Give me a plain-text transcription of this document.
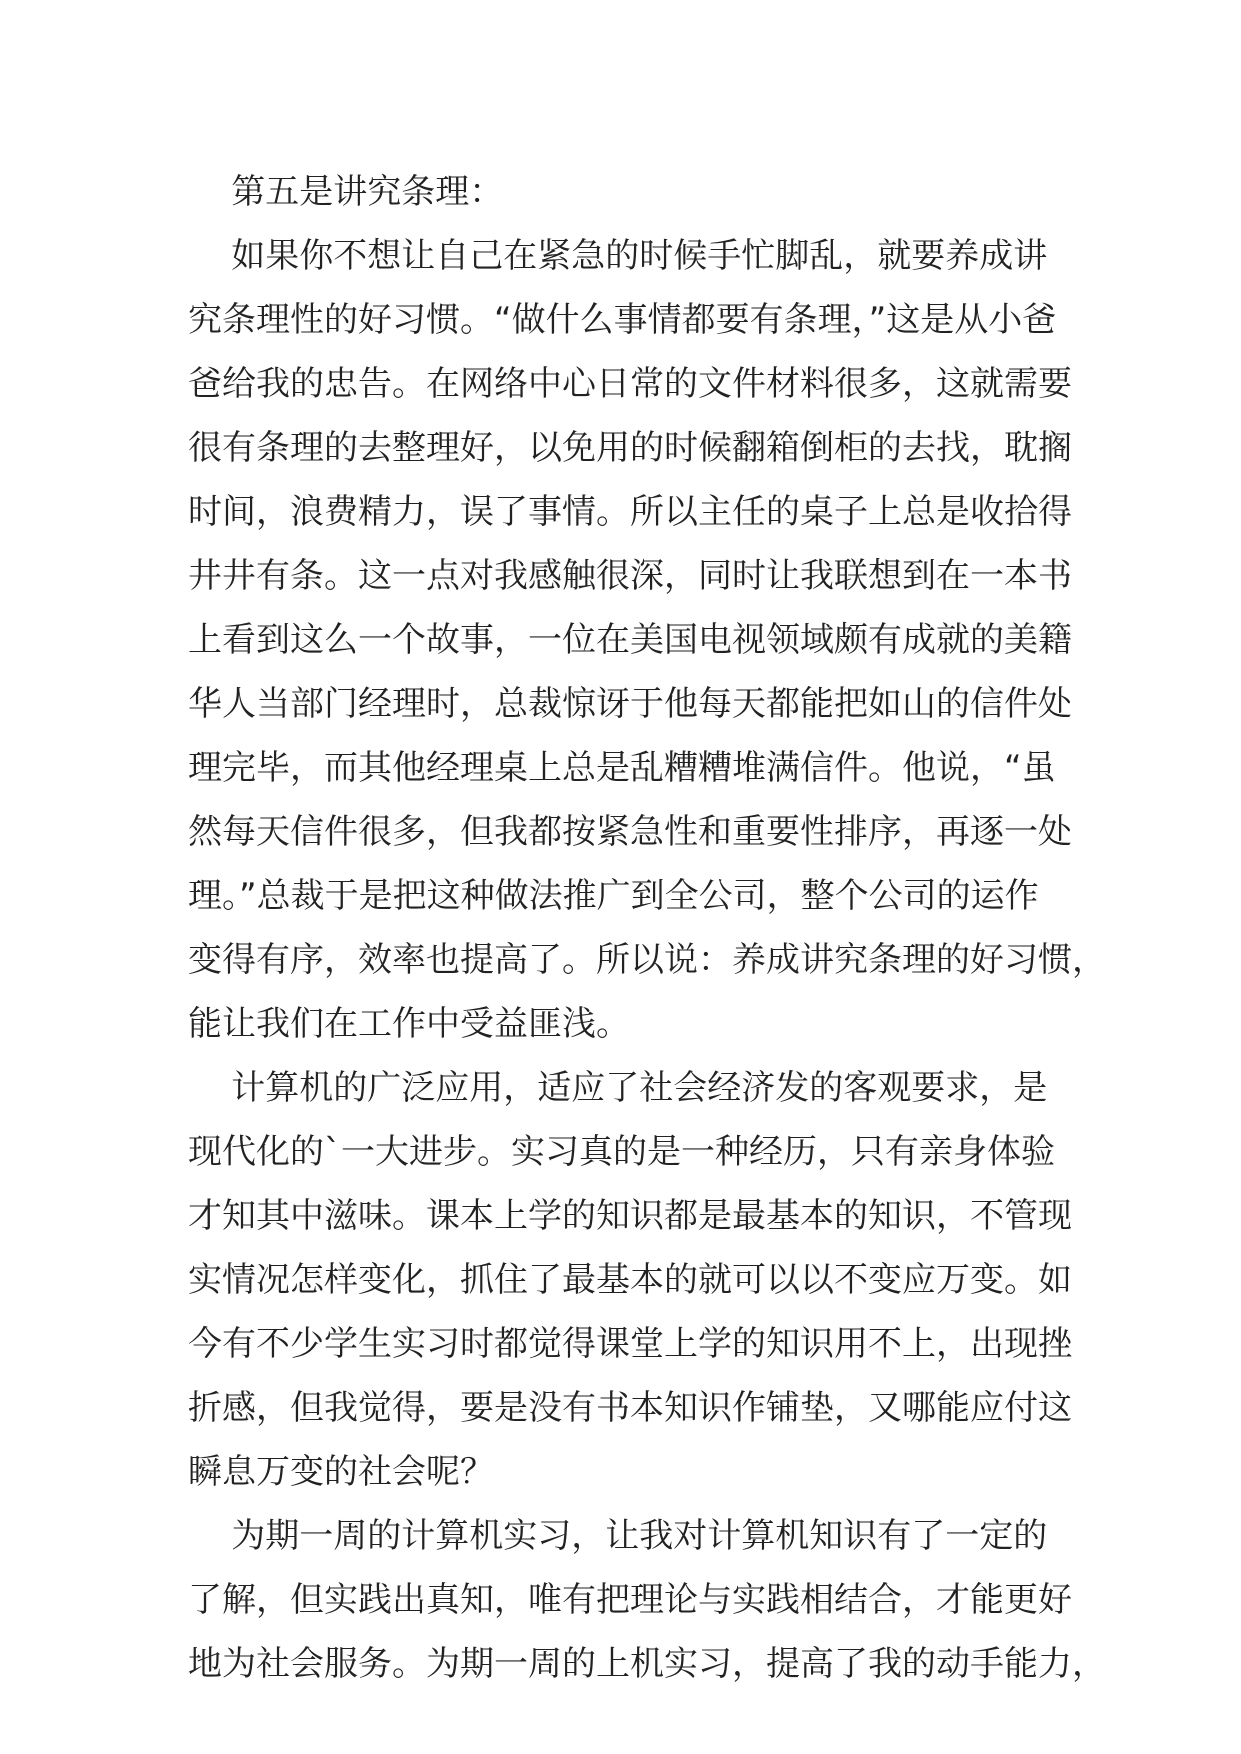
第五是讲究条理：
如果你不想让自己在紧急的时候手忙脚乱，就要养成讲
究条理性的好习惯。“做什么事情都要有条理，”这是从小爸
爸给我的忠告。在网络中心日常的文件材料很多，这就需要
很有条理的去整理好，以免用的时候翻箱倒柜的去找，耽搁
时间，浪费精力，误了事情。所以主任的桌子上总是收拾得
井井有条。这一点对我感触很深，同时让我联想到在一本书
上看到这么一个故事，一位在美国电视领域颇有成就的美籍
华人当部门经理时，总裁惊讶于他每天都能把如山的信件处
理完毕，而其他经理桌上总是乱糟糟堆满信件。他说，“虽
然每天信件很多，但我都按紧急性和重要性排序，再逐一处
理。”总裁于是把这种做法推广到全公司，整个公司的运作
变得有序，效率也提高了。所以说：养成讲究条理的好习惯，
能让我们在工作中受益匪浅。
计算机的广泛应用，适应了社会经济发的客观要求，是
现代化的`一大进步。实习真的是一种经历，只有亲身体验
才知其中滋味。课本上学的知识都是最基本的知识，不管现
实情况怎样变化，抓住了最基本的就可以以不变应万变。如
今有不少学生实习时都觉得课堂上学的知识用不上，出现挫
折感，但我觉得，要是没有书本知识作铺垫，又哪能应付这
瞬息万变的社会呢？
为期一周的计算机实习，让我对计算机知识有了一定的
了解，但实践出真知，唯有把理论与实践相结合，才能更好
地为社会服务。为期一周的上机实习，提高了我的动手能力，
